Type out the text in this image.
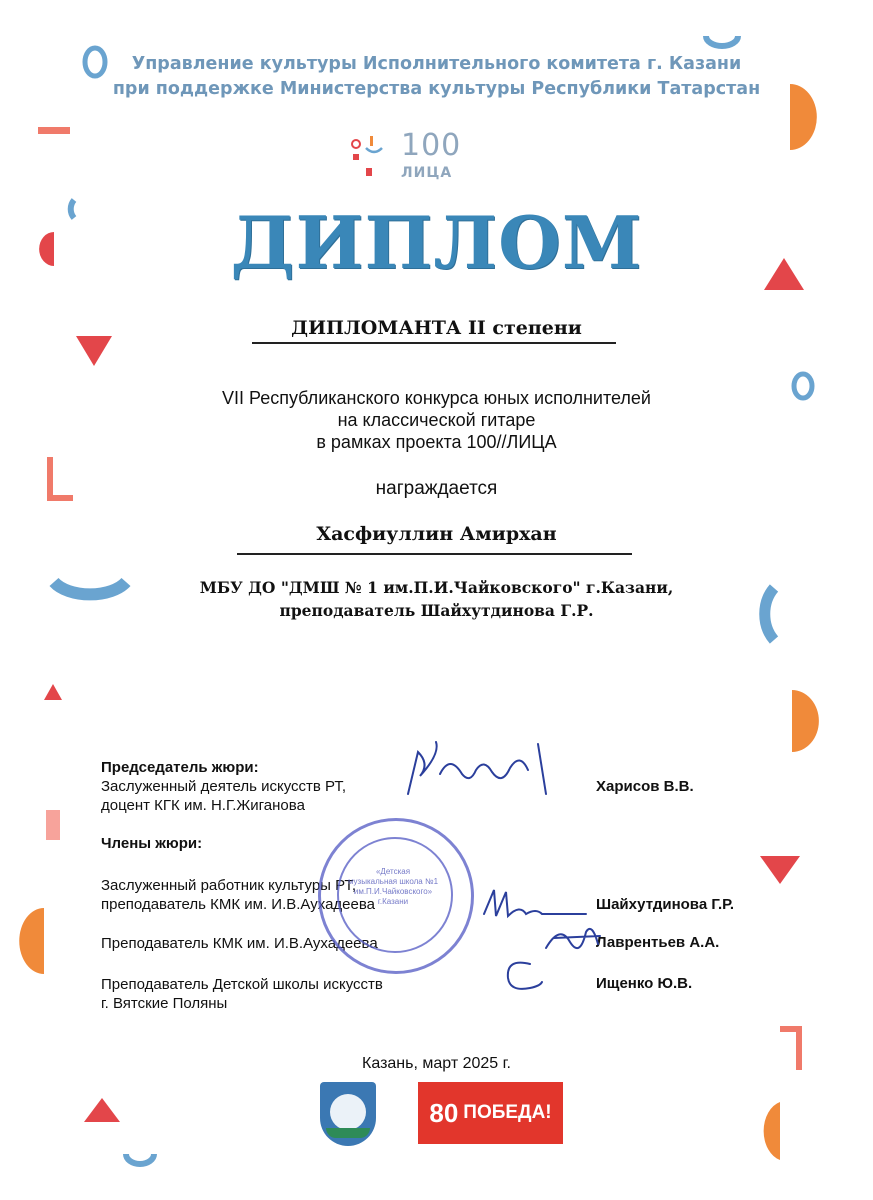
Управление культуры Исполнительного комитета г. Казани
при поддержке Министерства культуры Республики Татарстан
100
ЛИЦА
ДИПЛОМ
ДИПЛОМАНТА II степени
VII Республиканского конкурса юных исполнителей
на классической гитаре
в рамках проекта 100//ЛИЦА
награждается
Хасфиуллин Амирхан
МБУ ДО "ДМШ № 1 им.П.И.Чайковского" г.Казани,
преподаватель Шайхутдинова Г.Р.
Председатель жюри:
Заслуженный деятель искусств РТ,
доцент КГК им. Н.Г.Жиганова
Харисов В.В.
Члены жюри:
Заслуженный работник культуры РТ,
преподаватель КМК им. И.В.Аухадеева	Шайхутдинова Г.Р.
Преподаватель КМК им. И.В.Аухадеева	Лаврентьев А.А.
Преподаватель Детской школы искусств
г. Вятские Поляны
Ищенко Ю.В.
«Детская
музыкальная школа №1
им.П.И.Чайковского»
г.Казани
Казань, март 2025 г.
80 ПОБЕДА!
